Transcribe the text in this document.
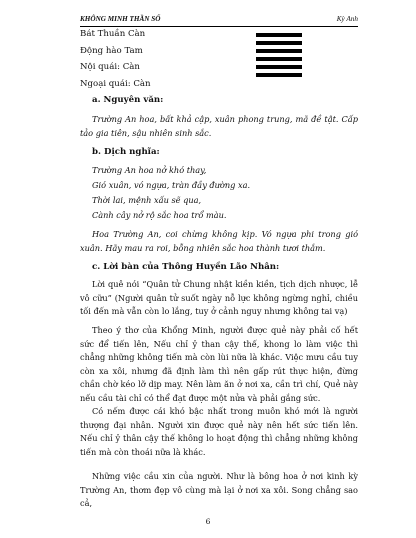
KHÔNG MINH THẦN SỐ	Kỳ Anh
Bát Thuần Càn
Động hào Tam
Nội quái: Càn
Ngoại quái: Càn
a. Nguyên văn:
Trường An hoa, bất khả cập, xuân phong trung, mã đề tật. Cấp tảo gia tiên, sậu nhiên sinh sắc.
b. Dịch nghĩa:
Trường An hoa nở khó thay,
Gió xuân, vó ngựa, tràn đầy đường xa.
Thời lai, mệnh xấu sẽ qua,
Cành cây nở rộ sắc hoa trổ màu.
Hoa Trường An, coi chừng không kịp. Vó ngựa phi trong gió xuân. Hãy mau ra roi, bỗng nhiên sắc hoa thành tươi thắm.
c. Lời bàn của Thông Huyền Lão Nhân:
Lời quê nói “Quân tử Chung nhật kiền kiền, tịch dịch nhược, lễ vô cữu” (Người quân tử suốt ngày nỗ lực không ngừng nghỉ, chiều tối đến mà vẫn còn lo lắng, tuy ở cảnh nguy nhưng không tai vạ)
Theo ý thơ của Khổng Minh, người được quẻ này phải cố hết sức để tiến lên, Nếu chỉ ỷ than cậy thế, khong lo làm việc thì chẳng những không tiến mà còn lùi nữa là khác. Việc mưu cầu tuy còn xa xôi, nhưng đã định làm thì nên gấp rút thực hiện, đừng chần chờ kéo lỡ dịp may. Nên làm ăn ở nơi xa, cần trì chí, Quẻ này nếu cầu tài chỉ có thể đạt được một nửa và phải gắng sức.
Có nếm được cái khó bậc nhất trong muôn khó mới là người thượng đại nhân. Người xin được quẻ này nên hết sức tiến lên. Nếu chỉ ỷ thân cậy thế không lo hoạt động thì chẳng những không tiến mà còn thoái nữa là khác.
Những việc cầu xin của người. Như là bông hoa ở nơi kinh kỳ Trường An, thơm đẹp vô cùng mà lại ở nơi xa xôi. Song chẳng sao cả,
6
